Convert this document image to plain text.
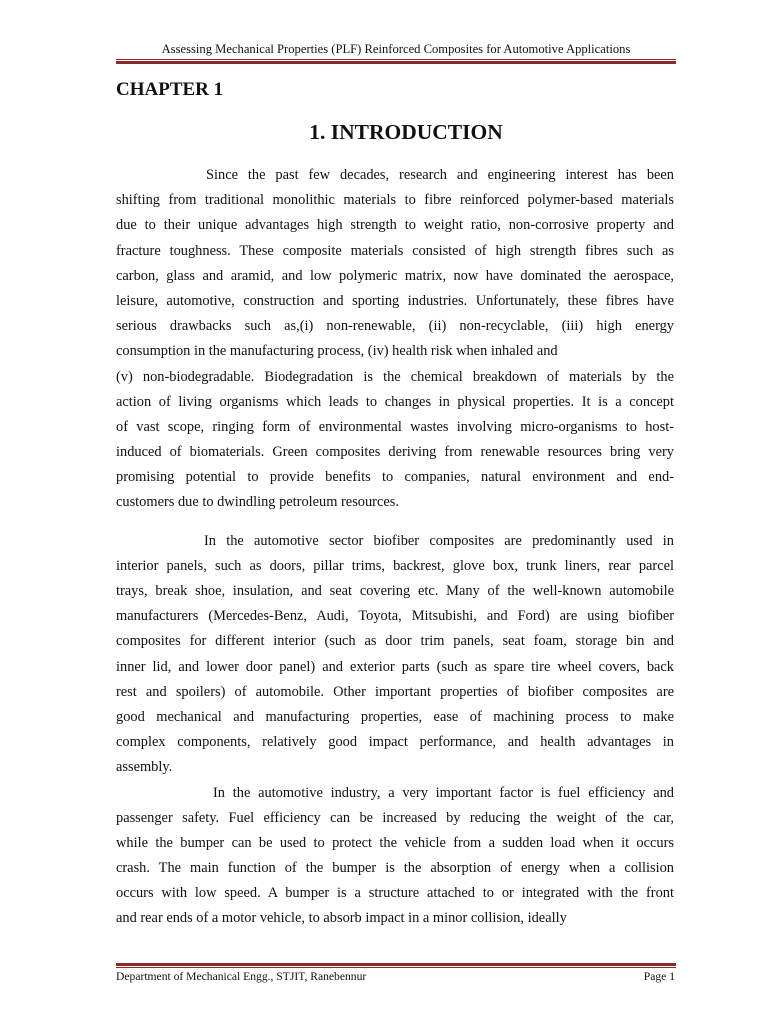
Assessing Mechanical Properties (PLF) Reinforced Composites for Automotive Applications
CHAPTER 1
1. INTRODUCTION
Since the past few decades, research and engineering interest has been
shifting from traditional monolithic materials to fibre reinforced polymer-based materials
due to their unique advantages high strength to weight ratio, non-corrosive property and
fracture toughness. These composite materials consisted of high strength fibres such as
carbon, glass and aramid, and low polymeric matrix, now have dominated the aerospace,
leisure, automotive, construction and sporting industries. Unfortunately, these fibres have
serious drawbacks such as,(i) non-renewable, (ii) non-recyclable, (iii) high energy
consumption in the manufacturing process, (iv) health risk when inhaled and
(v) non-biodegradable. Biodegradation is the chemical breakdown of materials by the
action of living organisms which leads to changes in physical properties. It is a concept
of vast scope, ringing form of environmental wastes involving micro-organisms to host-
induced of biomaterials. Green composites deriving from renewable resources bring very
promising potential to provide benefits to companies, natural environment and end-
customers due to dwindling petroleum resources.
In the automotive sector biofiber composites are predominantly used in
interior panels, such as doors, pillar trims, backrest, glove box, trunk liners, rear parcel
trays, break shoe, insulation, and seat covering etc. Many of the well-known automobile
manufacturers (Mercedes-Benz, Audi, Toyota, Mitsubishi, and Ford) are using biofiber
composites for different interior (such as door trim panels, seat foam, storage bin and
inner lid, and lower door panel) and exterior parts (such as spare tire wheel covers, back
rest and spoilers) of automobile. Other important properties of biofiber composites are
good mechanical and manufacturing properties, ease of machining process to make
complex components, relatively good impact performance, and health advantages in
assembly.
In the automotive industry, a very important factor is fuel efficiency and
passenger safety. Fuel efficiency can be increased by reducing the weight of the car,
while the bumper can be used to protect the vehicle from a sudden load when it occurs
crash. The main function of the bumper is the absorption of energy when a collision
occurs with low speed. A bumper is a structure attached to or integrated with the front
and rear ends of a motor vehicle, to absorb impact in a minor collision, ideally
Department of Mechanical Engg., STJIT, Ranebennur	Page 1
